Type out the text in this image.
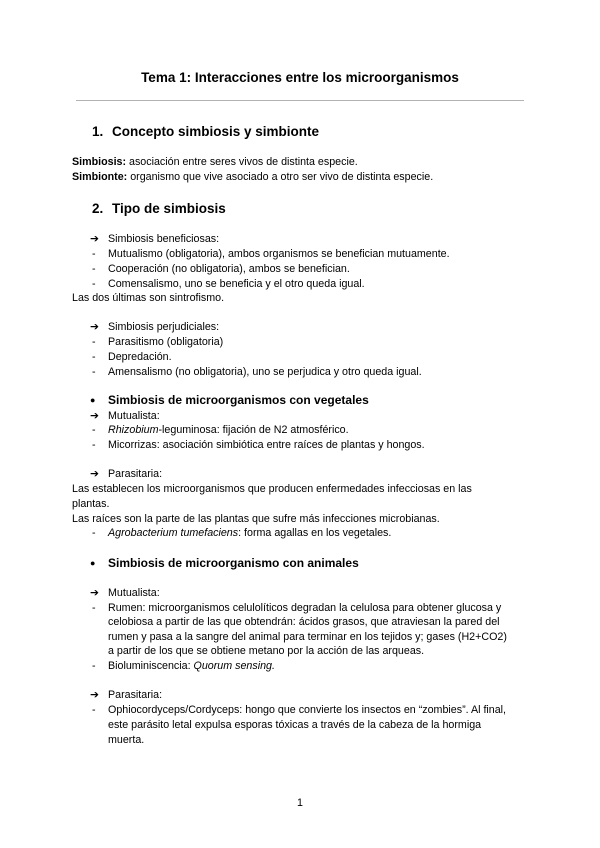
Tema 1: Interacciones entre los microorganismos
1. Concepto simbiosis y simbionte
Simbiosis: asociación entre seres vivos de distinta especie.
Simbionte: organismo que vive asociado a otro ser vivo de distinta especie.
2. Tipo de simbiosis
➔ Simbiosis beneficiosas:
- Mutualismo (obligatoria), ambos organismos se benefician mutuamente.
- Cooperación (no obligatoria), ambos se benefician.
- Comensalismo, uno se beneficia y el otro queda igual.
Las dos últimas son sintrofismo.
➔ Simbiosis perjudiciales:
- Parasitismo (obligatoria)
- Depredación.
- Amensalismo (no obligatoria), uno se perjudica y otro queda igual.
● Simbiosis de microorganismos con vegetales
➔ Mutualista:
- Rhizobium-leguminosa: fijación de N2 atmosférico.
- Micorrizas: asociación simbiótica entre raíces de plantas y hongos.
➔ Parasitaria:
Las establecen los microorganismos que producen enfermedades infecciosas en las
plantas.
Las raíces son la parte de las plantas que sufre más infecciones microbianas.
- Agrobacterium tumefaciens: forma agallas en los vegetales.
● Simbiosis de microorganismo con animales
➔ Mutualista:
- Rumen: microorganismos celulolíticos degradan la celulosa para obtener glucosa y
celobiosa a partir de las que obtendrán: ácidos grasos, que atraviesan la pared del
rumen y pasa a la sangre del animal para terminar en los tejidos y; gases (H2+CO2)
a partir de los que se obtiene metano por la acción de las arqueas.
- Bioluminiscencia: Quorum sensing.
➔ Parasitaria:
- Ophiocordyceps/Cordyceps: hongo que convierte los insectos en “zombies”. Al final,
este parásito letal expulsa esporas tóxicas a través de la cabeza de la hormiga
muerta.
1
